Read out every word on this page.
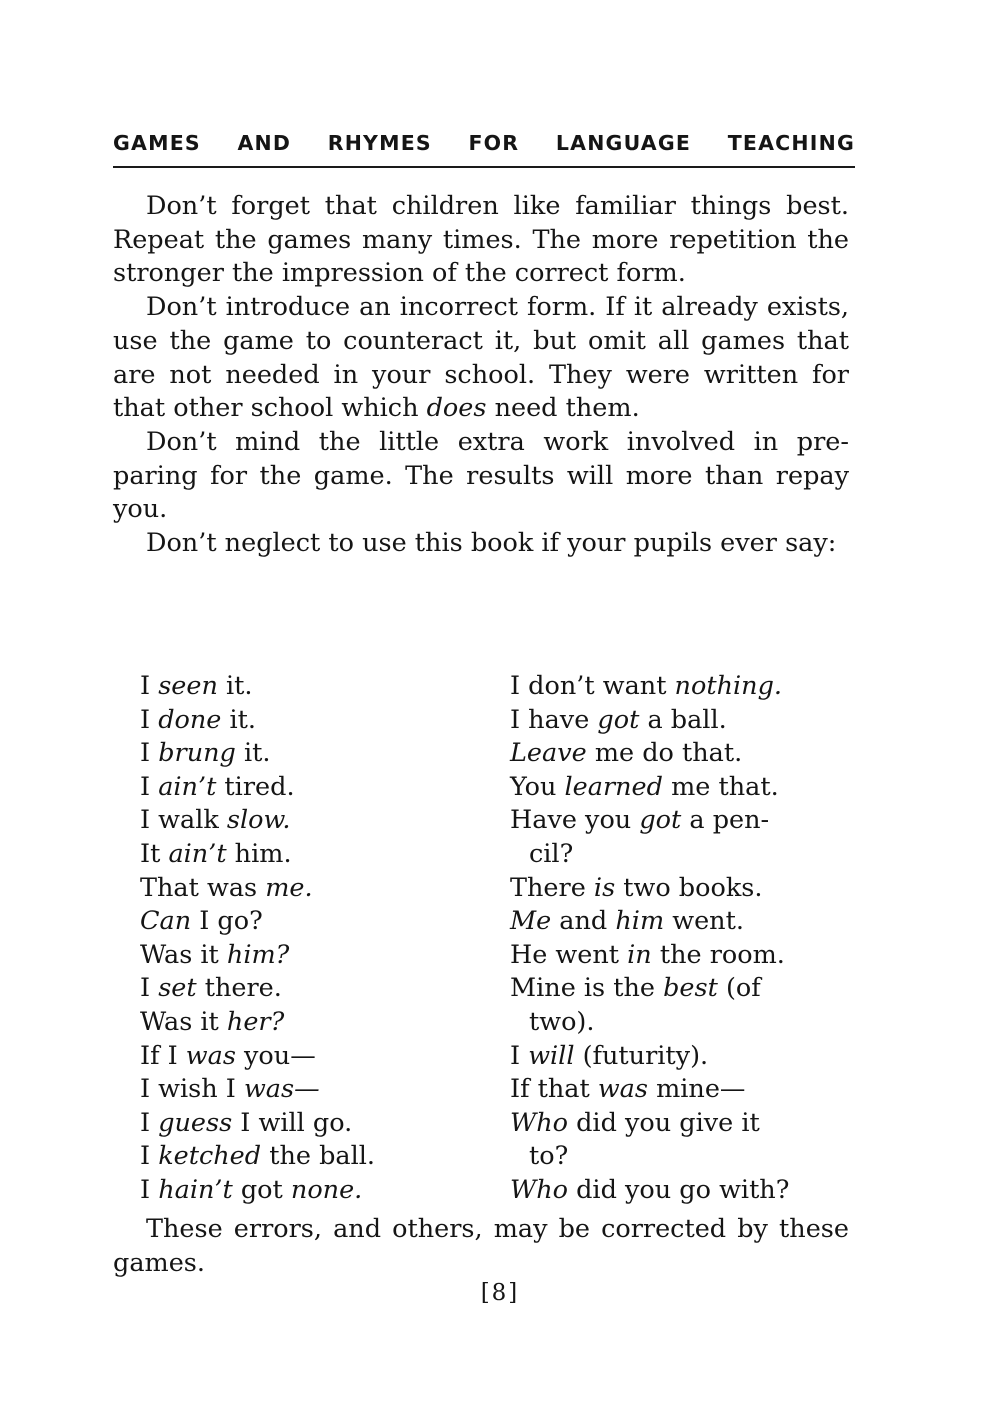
GAMES AND RHYMES FOR LANGUAGE TEACHING

Don’t forget that children like familiar things best. Repeat the games many times. The more repetition the stronger the impression of the correct form.

Don’t introduce an incorrect form. If it already exists, use the game to counteract it, but omit all games that are not needed in your school. They were written for that other school which does need them.

Don’t mind the little extra work involved in pre- paring for the game. The results will more than repay you.

Don’t neglect to use this book if your pupils ever say:

I seen it.
I done it.
I brung it.
I ain’t tired.
I walk slow.
It ain’t him.
That was me.
Can I go?
Was it him?
I set there.
Was it her?
If I was you—
I wish I was—
I guess I will go.
I ketched the ball.
I hain’t got none.
I don’t want nothing.
I have got a ball.
Leave me do that.
You learned me that.
Have you got a pen-
cil?
There is two books.
Me and him went.
He went in the room.
Mine is the best (of
two).
I will (futurity).
If that was mine—
Who did you give it
to?
Who did you go with?

These errors, and others, may be corrected by these games.

[8]
